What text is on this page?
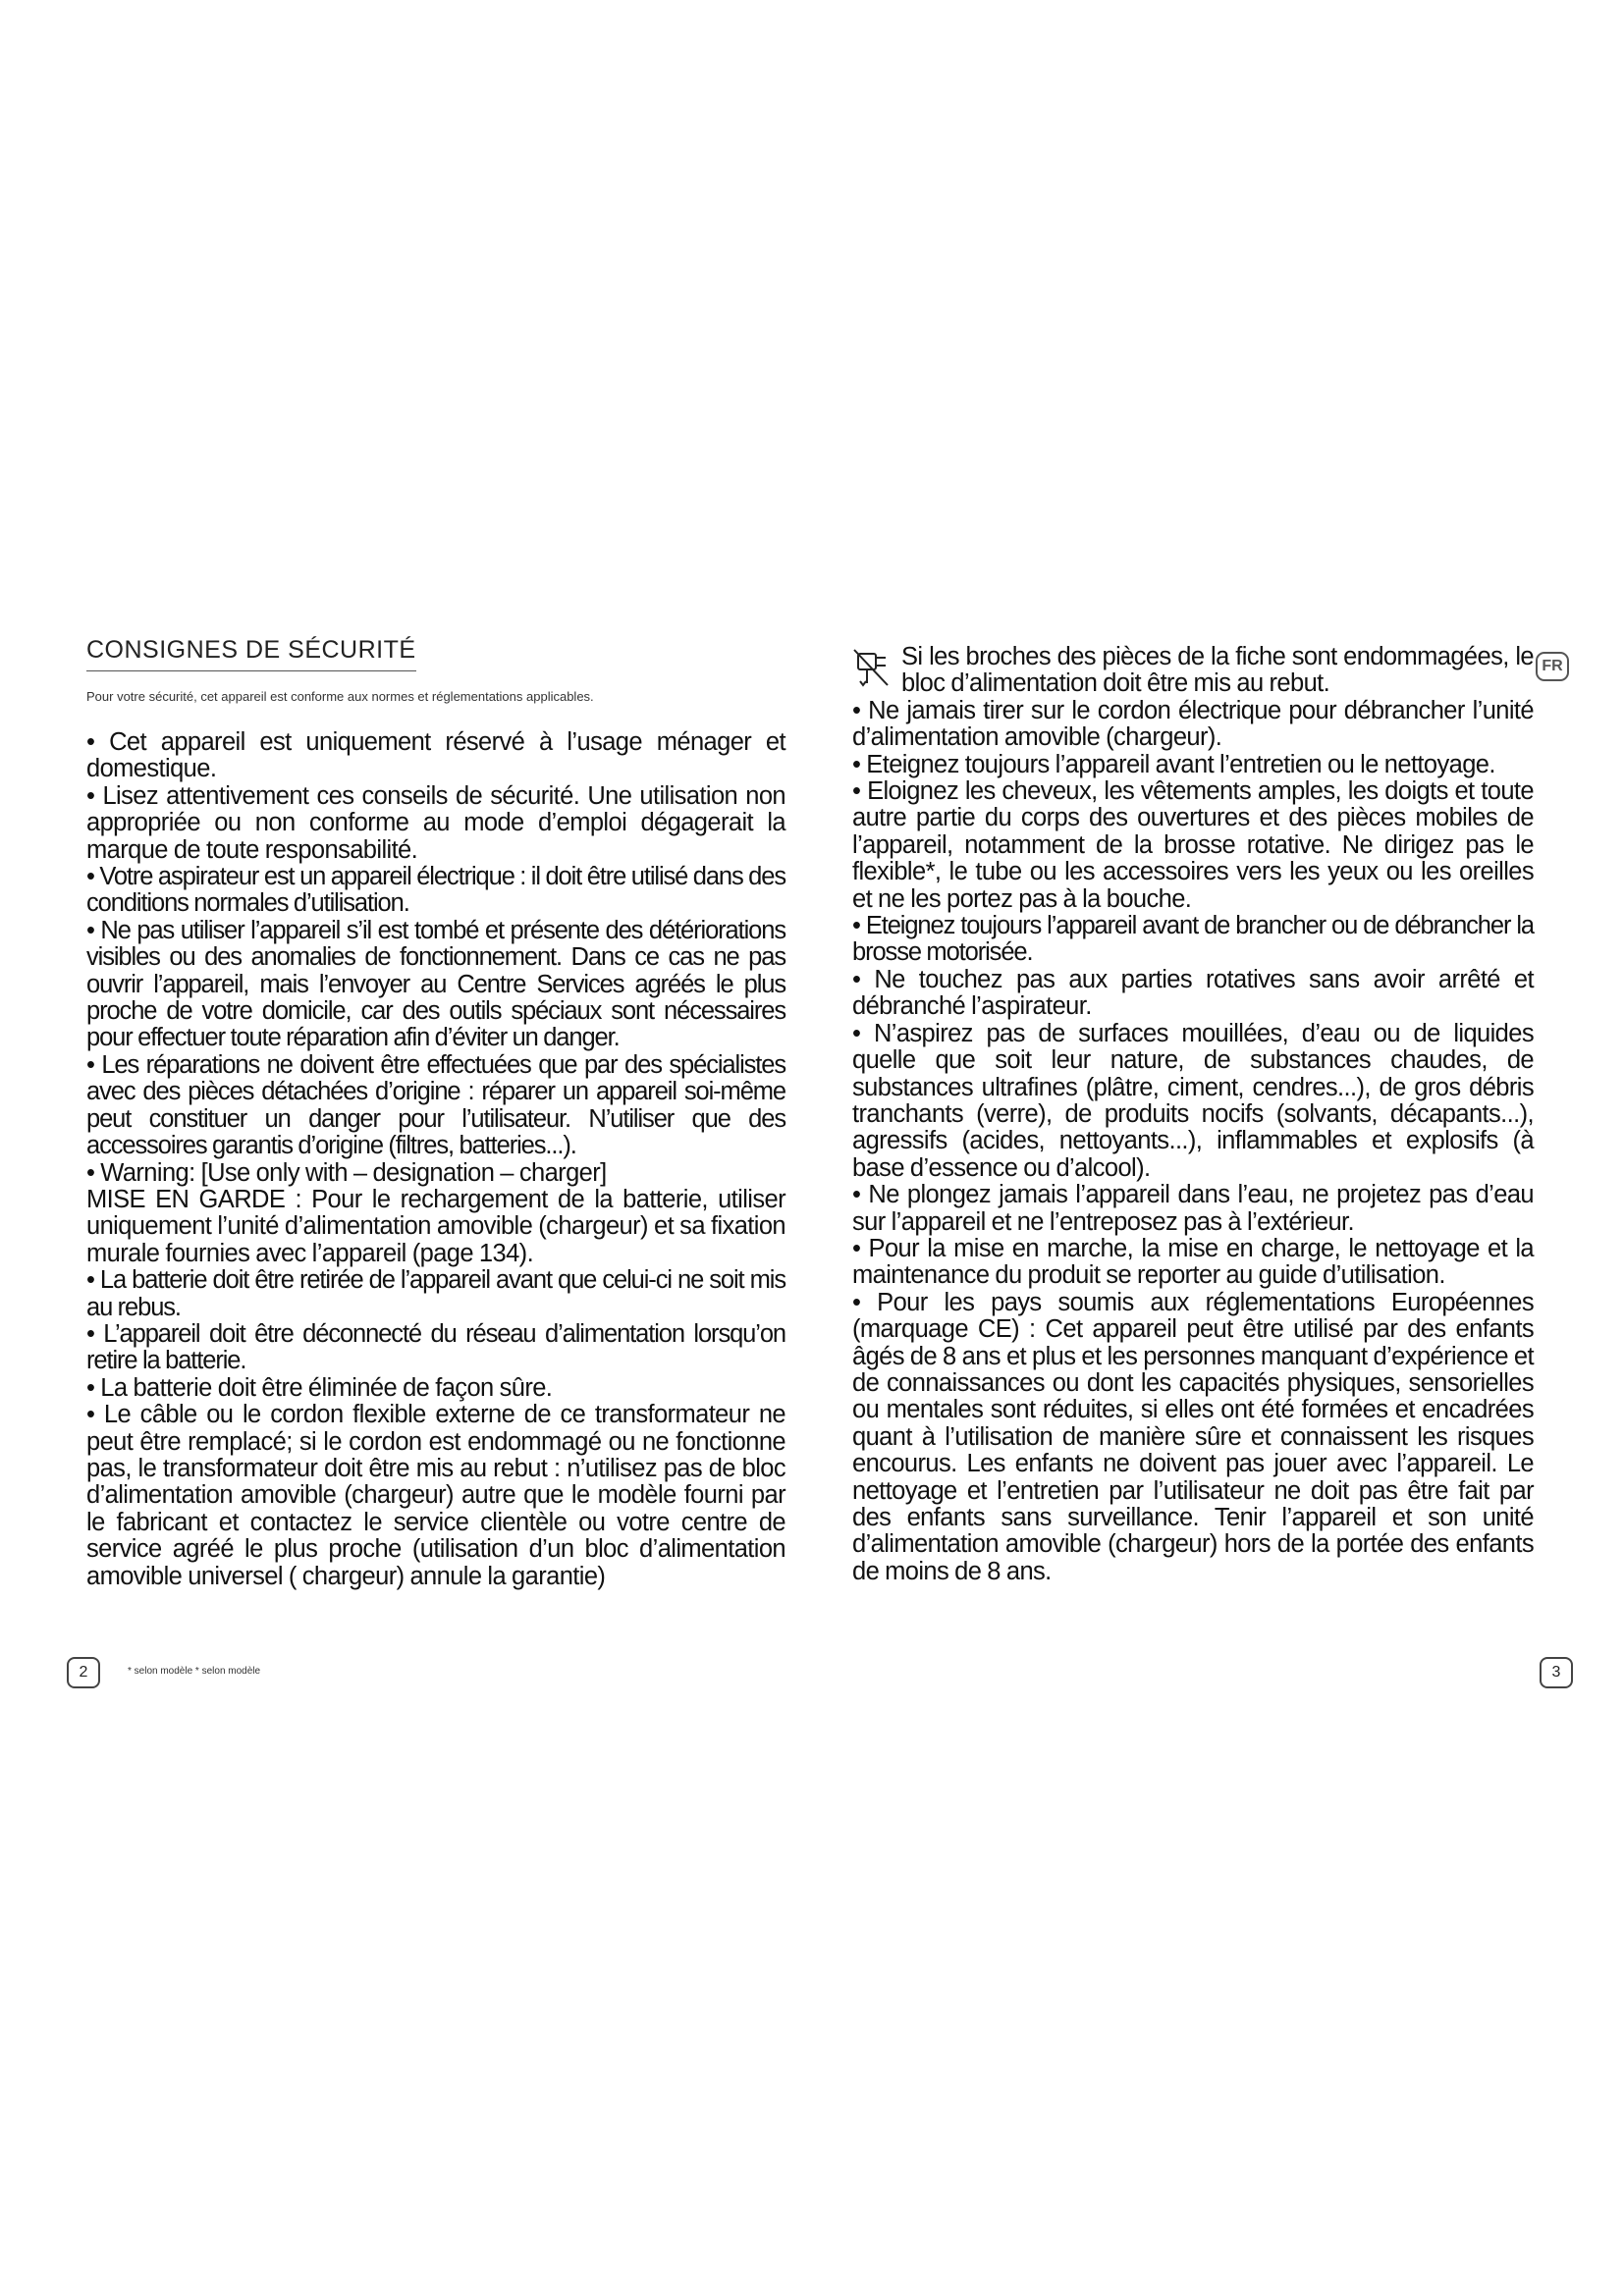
CONSIGNES DE SÉCURITÉ

Pour votre sécurité, cet appareil est conforme aux normes et réglementations applicables.

• Cet appareil est uniquement réservé à l’usage ménager et domestique.

• Lisez attentivement ces conseils de sécurité. Une utilisation non appropriée ou non conforme au mode d’emploi dégagerait la marque de toute responsabilité.

• Votre aspirateur est un appareil électrique : il doit être utilisé dans des conditions normales d’utilisation.

• Ne pas utiliser l’appareil s’il est tombé et présente des détériorations visibles ou des anomalies de fonctionnement. Dans ce cas ne pas ouvrir l’appareil, mais l’envoyer au Centre Services agréés le plus proche de votre domicile, car des outils spéciaux sont nécessaires pour effectuer toute réparation afin d’éviter un danger.

• Les réparations ne doivent être effectuées que par des spécialistes avec des pièces détachées d’origine : réparer un appareil soi-même peut constituer un danger pour l’utilisateur. N’utiliser que des accessoires garantis d’origine (filtres, batteries...).

• Warning: [Use only with – designation – charger]

MISE EN GARDE : Pour le rechargement de la batterie, utiliser uniquement l’unité d’alimentation amovible (chargeur) et sa fixation murale fournies avec l’appareil (page 134).

• La batterie doit être retirée de l’appareil avant que celui-ci ne soit mis au rebus.

• L’appareil doit être déconnecté du réseau d’alimentation lorsqu’on retire la batterie.

• La batterie doit être éliminée de façon sûre.

• Le câble ou le cordon flexible externe de ce transformateur ne peut être remplacé; si le cordon est endommagé ou ne fonctionne pas, le transformateur doit être mis au rebut : n’utilisez pas de bloc d’alimentation amovible (chargeur) autre que le modèle fourni par le fabricant et contactez le service clientèle ou votre centre de service agréé le plus proche (utilisation d’un bloc d’alimentation amovible universel ( chargeur) annule la garantie)

2	* selon modèle * selon modèle
FR

Si les broches des pièces de la fiche sont endommagées, le bloc d’alimentation doit être mis au rebut.

• Ne jamais tirer sur le cordon électrique pour débrancher l’unité d’alimentation amovible (chargeur).

• Eteignez toujours l’appareil avant l’entretien ou le nettoyage.

• Eloignez les cheveux, les vêtements amples, les doigts et toute autre partie du corps des ouvertures et des pièces mobiles de l’appareil, notamment de la brosse rotative. Ne dirigez pas le flexible*, le tube ou les accessoires vers les yeux ou les oreilles et ne les portez pas à la bouche.

• Eteignez toujours l’appareil avant de brancher ou de débrancher la brosse motorisée.

• Ne touchez pas aux parties rotatives sans avoir arrêté et débranché l’aspirateur.

• N’aspirez pas de surfaces mouillées, d’eau ou de liquides quelle que soit leur nature, de substances chaudes, de substances ultrafines (plâtre, ciment, cendres...), de gros débris tranchants (verre), de produits nocifs (solvants, décapants...), agressifs (acides, nettoyants...), inflammables et explosifs (à base d’essence ou d’alcool).

• Ne plongez jamais l’appareil dans l’eau, ne projetez pas d’eau sur l’appareil et ne l’entreposez pas à l’extérieur.

• Pour la mise en marche, la mise en charge, le nettoyage et la maintenance du produit se reporter au guide d’utilisation.

• Pour les pays soumis aux réglementations Européennes (marquage CE) : Cet appareil peut être utilisé par des enfants âgés de 8 ans et plus et les personnes manquant d’expérience et de connaissances ou dont les capacités physiques, sensorielles ou mentales sont réduites, si elles ont été formées et encadrées quant à l’utilisation de manière sûre et connaissent les risques encourus. Les enfants ne doivent pas jouer avec l’appareil. Le nettoyage et l’entretien par l’utilisateur ne doit pas être fait par des enfants sans surveillance. Tenir l’appareil et son unité d’alimentation amovible (chargeur) hors de la portée des enfants de moins de 8 ans.

3
